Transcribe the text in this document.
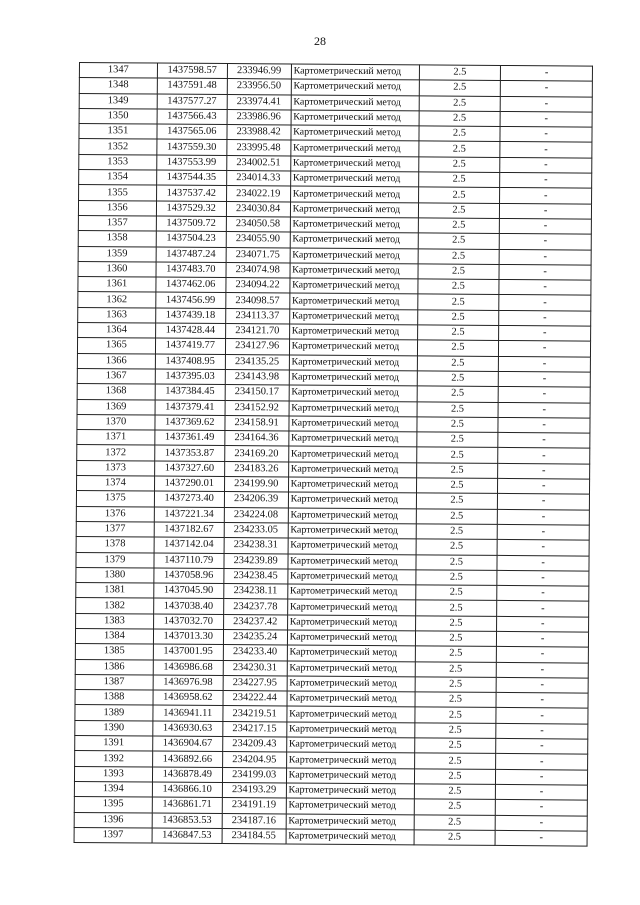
28
1347	1437598.57	233946.99	Картометрический метод	2.5	-
1348	1437591.48	233956.50	Картометрический метод	2.5	-
1349	1437577.27	233974.41	Картометрический метод	2.5	-
1350	1437566.43	233986.96	Картометрический метод	2.5	-
1351	1437565.06	233988.42	Картометрический метод	2.5	-
1352	1437559.30	233995.48	Картометрический метод	2.5	-
1353	1437553.99	234002.51	Картометрический метод	2.5	-
1354	1437544.35	234014.33	Картометрический метод	2.5	-
1355	1437537.42	234022.19	Картометрический метод	2.5	-
1356	1437529.32	234030.84	Картометрический метод	2.5	-
1357	1437509.72	234050.58	Картометрический метод	2.5	-
1358	1437504.23	234055.90	Картометрический метод	2.5	-
1359	1437487.24	234071.75	Картометрический метод	2.5	-
1360	1437483.70	234074.98	Картометрический метод	2.5	-
1361	1437462.06	234094.22	Картометрический метод	2.5	-
1362	1437456.99	234098.57	Картометрический метод	2.5	-
1363	1437439.18	234113.37	Картометрический метод	2.5	-
1364	1437428.44	234121.70	Картометрический метод	2.5	-
1365	1437419.77	234127.96	Картометрический метод	2.5	-
1366	1437408.95	234135.25	Картометрический метод	2.5	-
1367	1437395.03	234143.98	Картометрический метод	2.5	-
1368	1437384.45	234150.17	Картометрический метод	2.5	-
1369	1437379.41	234152.92	Картометрический метод	2.5	-
1370	1437369.62	234158.91	Картометрический метод	2.5	-
1371	1437361.49	234164.36	Картометрический метод	2.5	-
1372	1437353.87	234169.20	Картометрический метод	2.5	-
1373	1437327.60	234183.26	Картометрический метод	2.5	-
1374	1437290.01	234199.90	Картометрический метод	2.5	-
1375	1437273.40	234206.39	Картометрический метод	2.5	-
1376	1437221.34	234224.08	Картометрический метод	2.5	-
1377	1437182.67	234233.05	Картометрический метод	2.5	-
1378	1437142.04	234238.31	Картометрический метод	2.5	-
1379	1437110.79	234239.89	Картометрический метод	2.5	-
1380	1437058.96	234238.45	Картометрический метод	2.5	-
1381	1437045.90	234238.11	Картометрический метод	2.5	-
1382	1437038.40	234237.78	Картометрический метод	2.5	-
1383	1437032.70	234237.42	Картометрический метод	2.5	-
1384	1437013.30	234235.24	Картометрический метод	2.5	-
1385	1437001.95	234233.40	Картометрический метод	2.5	-
1386	1436986.68	234230.31	Картометрический метод	2.5	-
1387	1436976.98	234227.95	Картометрический метод	2.5	-
1388	1436958.62	234222.44	Картометрический метод	2.5	-
1389	1436941.11	234219.51	Картометрический метод	2.5	-
1390	1436930.63	234217.15	Картометрический метод	2.5	-
1391	1436904.67	234209.43	Картометрический метод	2.5	-
1392	1436892.66	234204.95	Картометрический метод	2.5	-
1393	1436878.49	234199.03	Картометрический метод	2.5	-
1394	1436866.10	234193.29	Картометрический метод	2.5	-
1395	1436861.71	234191.19	Картометрический метод	2.5	-
1396	1436853.53	234187.16	Картометрический метод	2.5	-
1397	1436847.53	234184.55	Картометрический метод	2.5	-
